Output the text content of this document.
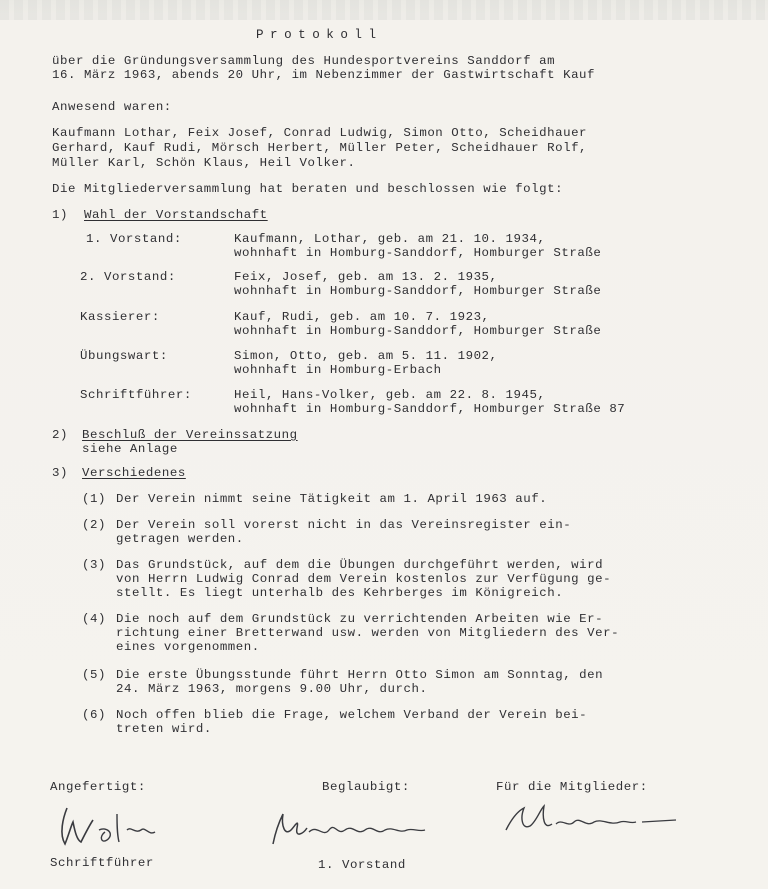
Protokoll
über die Gründungsversammlung des Hundesportvereins Sanddorf am
16. März 1963, abends 20 Uhr, im Nebenzimmer der Gastwirtschaft Kauf
Anwesend waren:
Kaufmann Lothar, Feix Josef, Conrad Ludwig, Simon Otto, Scheidhauer
Gerhard, Kauf Rudi, Mörsch Herbert, Müller Peter, Scheidhauer Rolf,
Müller Karl, Schön Klaus, Heil Volker.
Die Mitgliederversammlung hat beraten und beschlossen wie folgt:
1) Wahl der Vorstandschaft
1. Vorstand:	Kaufmann, Lothar, geb. am 21. 10. 1934,
wohnhaft in Homburg-Sanddorf, Homburger Straße
2. Vorstand:	Feix, Josef, geb. am 13. 2. 1935,
wohnhaft in Homburg-Sanddorf, Homburger Straße
Kassierer:	Kauf, Rudi, geb. am 10. 7. 1923,
wohnhaft in Homburg-Sanddorf, Homburger Straße
Übungswart:	Simon, Otto, geb. am 5. 11. 1902,
wohnhaft in Homburg-Erbach
Schriftführer:	Heil, Hans-Volker, geb. am 22. 8. 1945,
wohnhaft in Homburg-Sanddorf, Homburger Straße 87
2) Beschluß der Vereinssatzung
siehe Anlage
3) Verschiedenes
(1) Der Verein nimmt seine Tätigkeit am 1. April 1963 auf.
(2) Der Verein soll vorerst nicht in das Vereinsregister ein-
getragen werden.
(3) Das Grundstück, auf dem die Übungen durchgeführt werden, wird
von Herrn Ludwig Conrad dem Verein kostenlos zur Verfügung ge-
stellt. Es liegt unterhalb des Kehrberges im Königreich.
(4) Die noch auf dem Grundstück zu verrichtenden Arbeiten wie Er-
richtung einer Bretterwand usw. werden von Mitgliedern des Ver-
eines vorgenommen.
(5) Die erste Übungsstunde führt Herrn Otto Simon am Sonntag, den
24. März 1963, morgens 9.00 Uhr, durch.
(6) Noch offen blieb die Frage, welchem Verband der Verein bei-
treten wird.
Angefertigt:	Beglaubigt:	Für die Mitglieder:
Schriftführer	1. Vorstand
